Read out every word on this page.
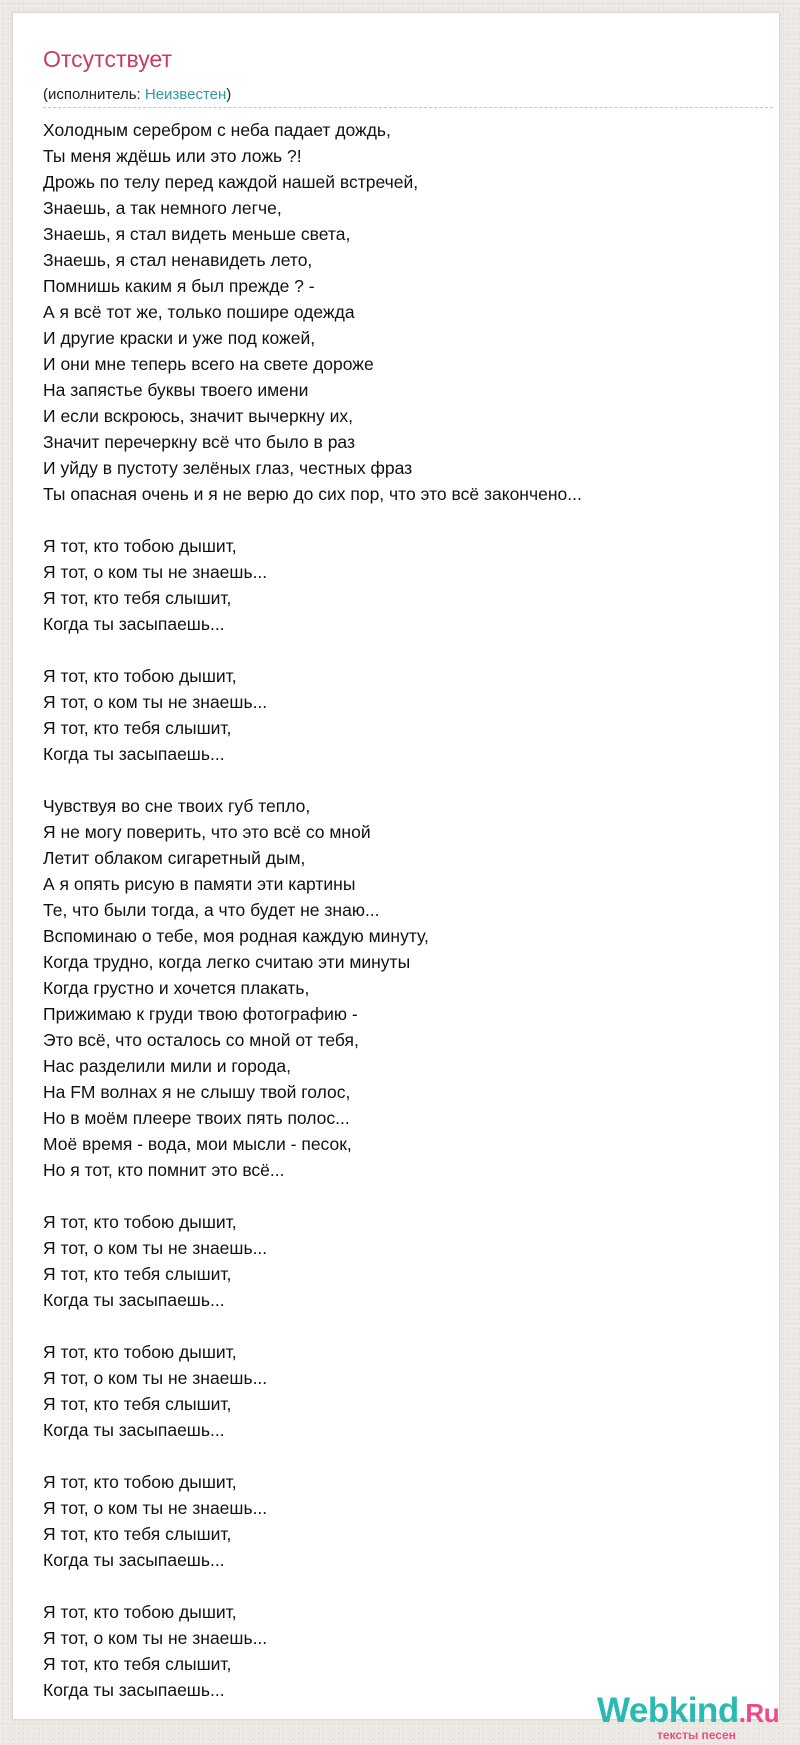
Отсутствует
(исполнитель: Неизвестен)
Холодным серебром с неба падает дождь,
Ты меня ждёшь или это ложь ?!
Дрожь по телу перед каждой нашей встречей,
Знаешь, а так немного легче,
Знаешь, я стал видеть меньше света,
Знаешь, я стал ненавидеть лето,
Помнишь каким я был прежде ? -
А я всё тот же, только пошире одежда
И другие краски и уже под кожей,
И они мне теперь всего на свете дороже
На запястье буквы твоего имени
И если вскроюсь, значит вычеркну их,
Значит перечеркну всё что было в раз
И уйду в пустоту зелёных глаз, честных фраз
Ты опасная очень и я не верю до сих пор, что это всё закончено...
Я тот, кто тобою дышит,
Я тот, о ком ты не знаешь...
Я тот, кто тебя слышит,
Когда ты засыпаешь...
Я тот, кто тобою дышит,
Я тот, о ком ты не знаешь...
Я тот, кто тебя слышит,
Когда ты засыпаешь...
Чувствуя во сне твоих губ тепло,
Я не могу поверить, что это всё со мной
Летит облаком сигаретный дым,
А я опять рисую в памяти эти картины
Те, что были тогда, а что будет не знаю...
Вспоминаю о тебе, моя родная каждую минуту,
Когда трудно, когда легко считаю эти минуты
Когда грустно и хочется плакать,
Прижимаю к груди твою фотографию -
Это всё, что осталось со мной от тебя,
Нас разделили мили и города,
На FM волнах я не слышу твой голос,
Но в моём плеере твоих пять полос...
Моё время - вода, мои мысли - песок,
Но я тот, кто помнит это всё...
Я тот, кто тобою дышит,
Я тот, о ком ты не знаешь...
Я тот, кто тебя слышит,
Когда ты засыпаешь...
Я тот, кто тобою дышит,
Я тот, о ком ты не знаешь...
Я тот, кто тебя слышит,
Когда ты засыпаешь...
Я тот, кто тобою дышит,
Я тот, о ком ты не знаешь...
Я тот, кто тебя слышит,
Когда ты засыпаешь...
Я тот, кто тобою дышит,
Я тот, о ком ты не знаешь...
Я тот, кто тебя слышит,
Когда ты засыпаешь...
Webkind.Ru
тексты песен
